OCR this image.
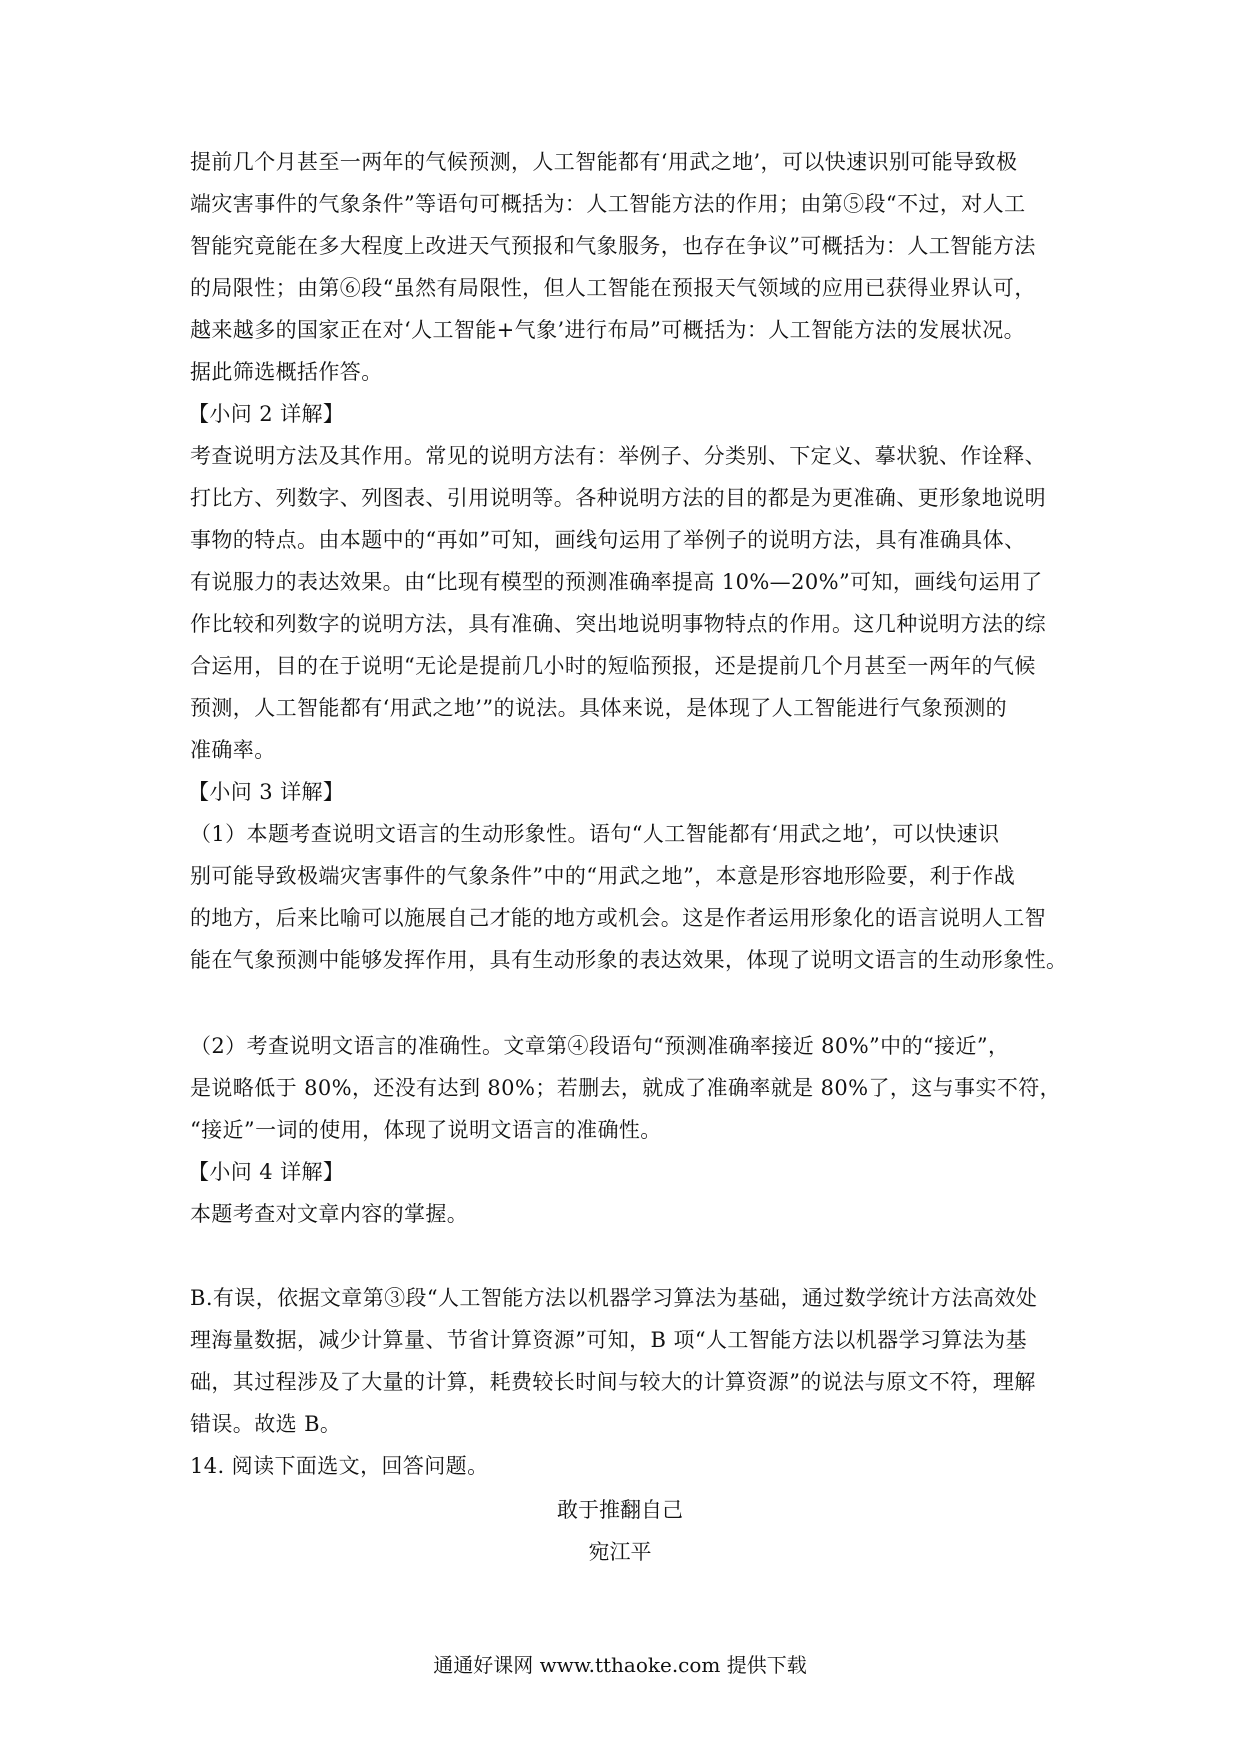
提前几个月甚至一两年的气候预测，人工智能都有‘用武之地’，可以快速识别可能导致极
端灾害事件的气象条件”等语句可概括为：人工智能方法的作用；由第⑤段“不过，对人工
智能究竟能在多大程度上改进天气预报和气象服务，也存在争议”可概括为：人工智能方法
的局限性；由第⑥段“虽然有局限性，但人工智能在预报天气领域的应用已获得业界认可，
越来越多的国家正在对‘人工智能+气象’进行布局”可概括为：人工智能方法的发展状况。
据此筛选概括作答。
【小问 2 详解】
考查说明方法及其作用。常见的说明方法有：举例子、分类别、下定义、摹状貌、作诠释、
打比方、列数字、列图表、引用说明等。各种说明方法的目的都是为更准确、更形象地说明
事物的特点。由本题中的“再如”可知，画线句运用了举例子的说明方法，具有准确具体、
有说服力的表达效果。由“比现有模型的预测准确率提高 10%—20%”可知，画线句运用了
作比较和列数字的说明方法，具有准确、突出地说明事物特点的作用。这几种说明方法的综
合运用，目的在于说明“无论是提前几小时的短临预报，还是提前几个月甚至一两年的气候
预测，人工智能都有‘用武之地’”的说法。具体来说，是体现了人工智能进行气象预测的
准确率。
【小问 3 详解】
（1）本题考查说明文语言的生动形象性。语句“人工智能都有‘用武之地’，可以快速识
别可能导致极端灾害事件的气象条件”中的“用武之地”，本意是形容地形险要，利于作战
的地方，后来比喻可以施展自己才能的地方或机会。这是作者运用形象化的语言说明人工智
能在气象预测中能够发挥作用，具有生动形象的表达效果，体现了说明文语言的生动形象性。
（2）考查说明文语言的准确性。文章第④段语句“预测准确率接近 80%”中的“接近”，
是说略低于 80%，还没有达到 80%；若删去，就成了准确率就是 80%了，这与事实不符，
“接近”一词的使用，体现了说明文语言的准确性。
【小问 4 详解】
本题考查对文章内容的掌握。
B.有误，依据文章第③段“人工智能方法以机器学习算法为基础，通过数学统计方法高效处
理海量数据，减少计算量、节省计算资源”可知，B 项“人工智能方法以机器学习算法为基
础，其过程涉及了大量的计算，耗费较长时间与较大的计算资源”的说法与原文不符，理解
错误。故选 B。
14. 阅读下面选文，回答问题。
敢于推翻自己
宛江平
通通好课网 www.tthaoke.com 提供下载
